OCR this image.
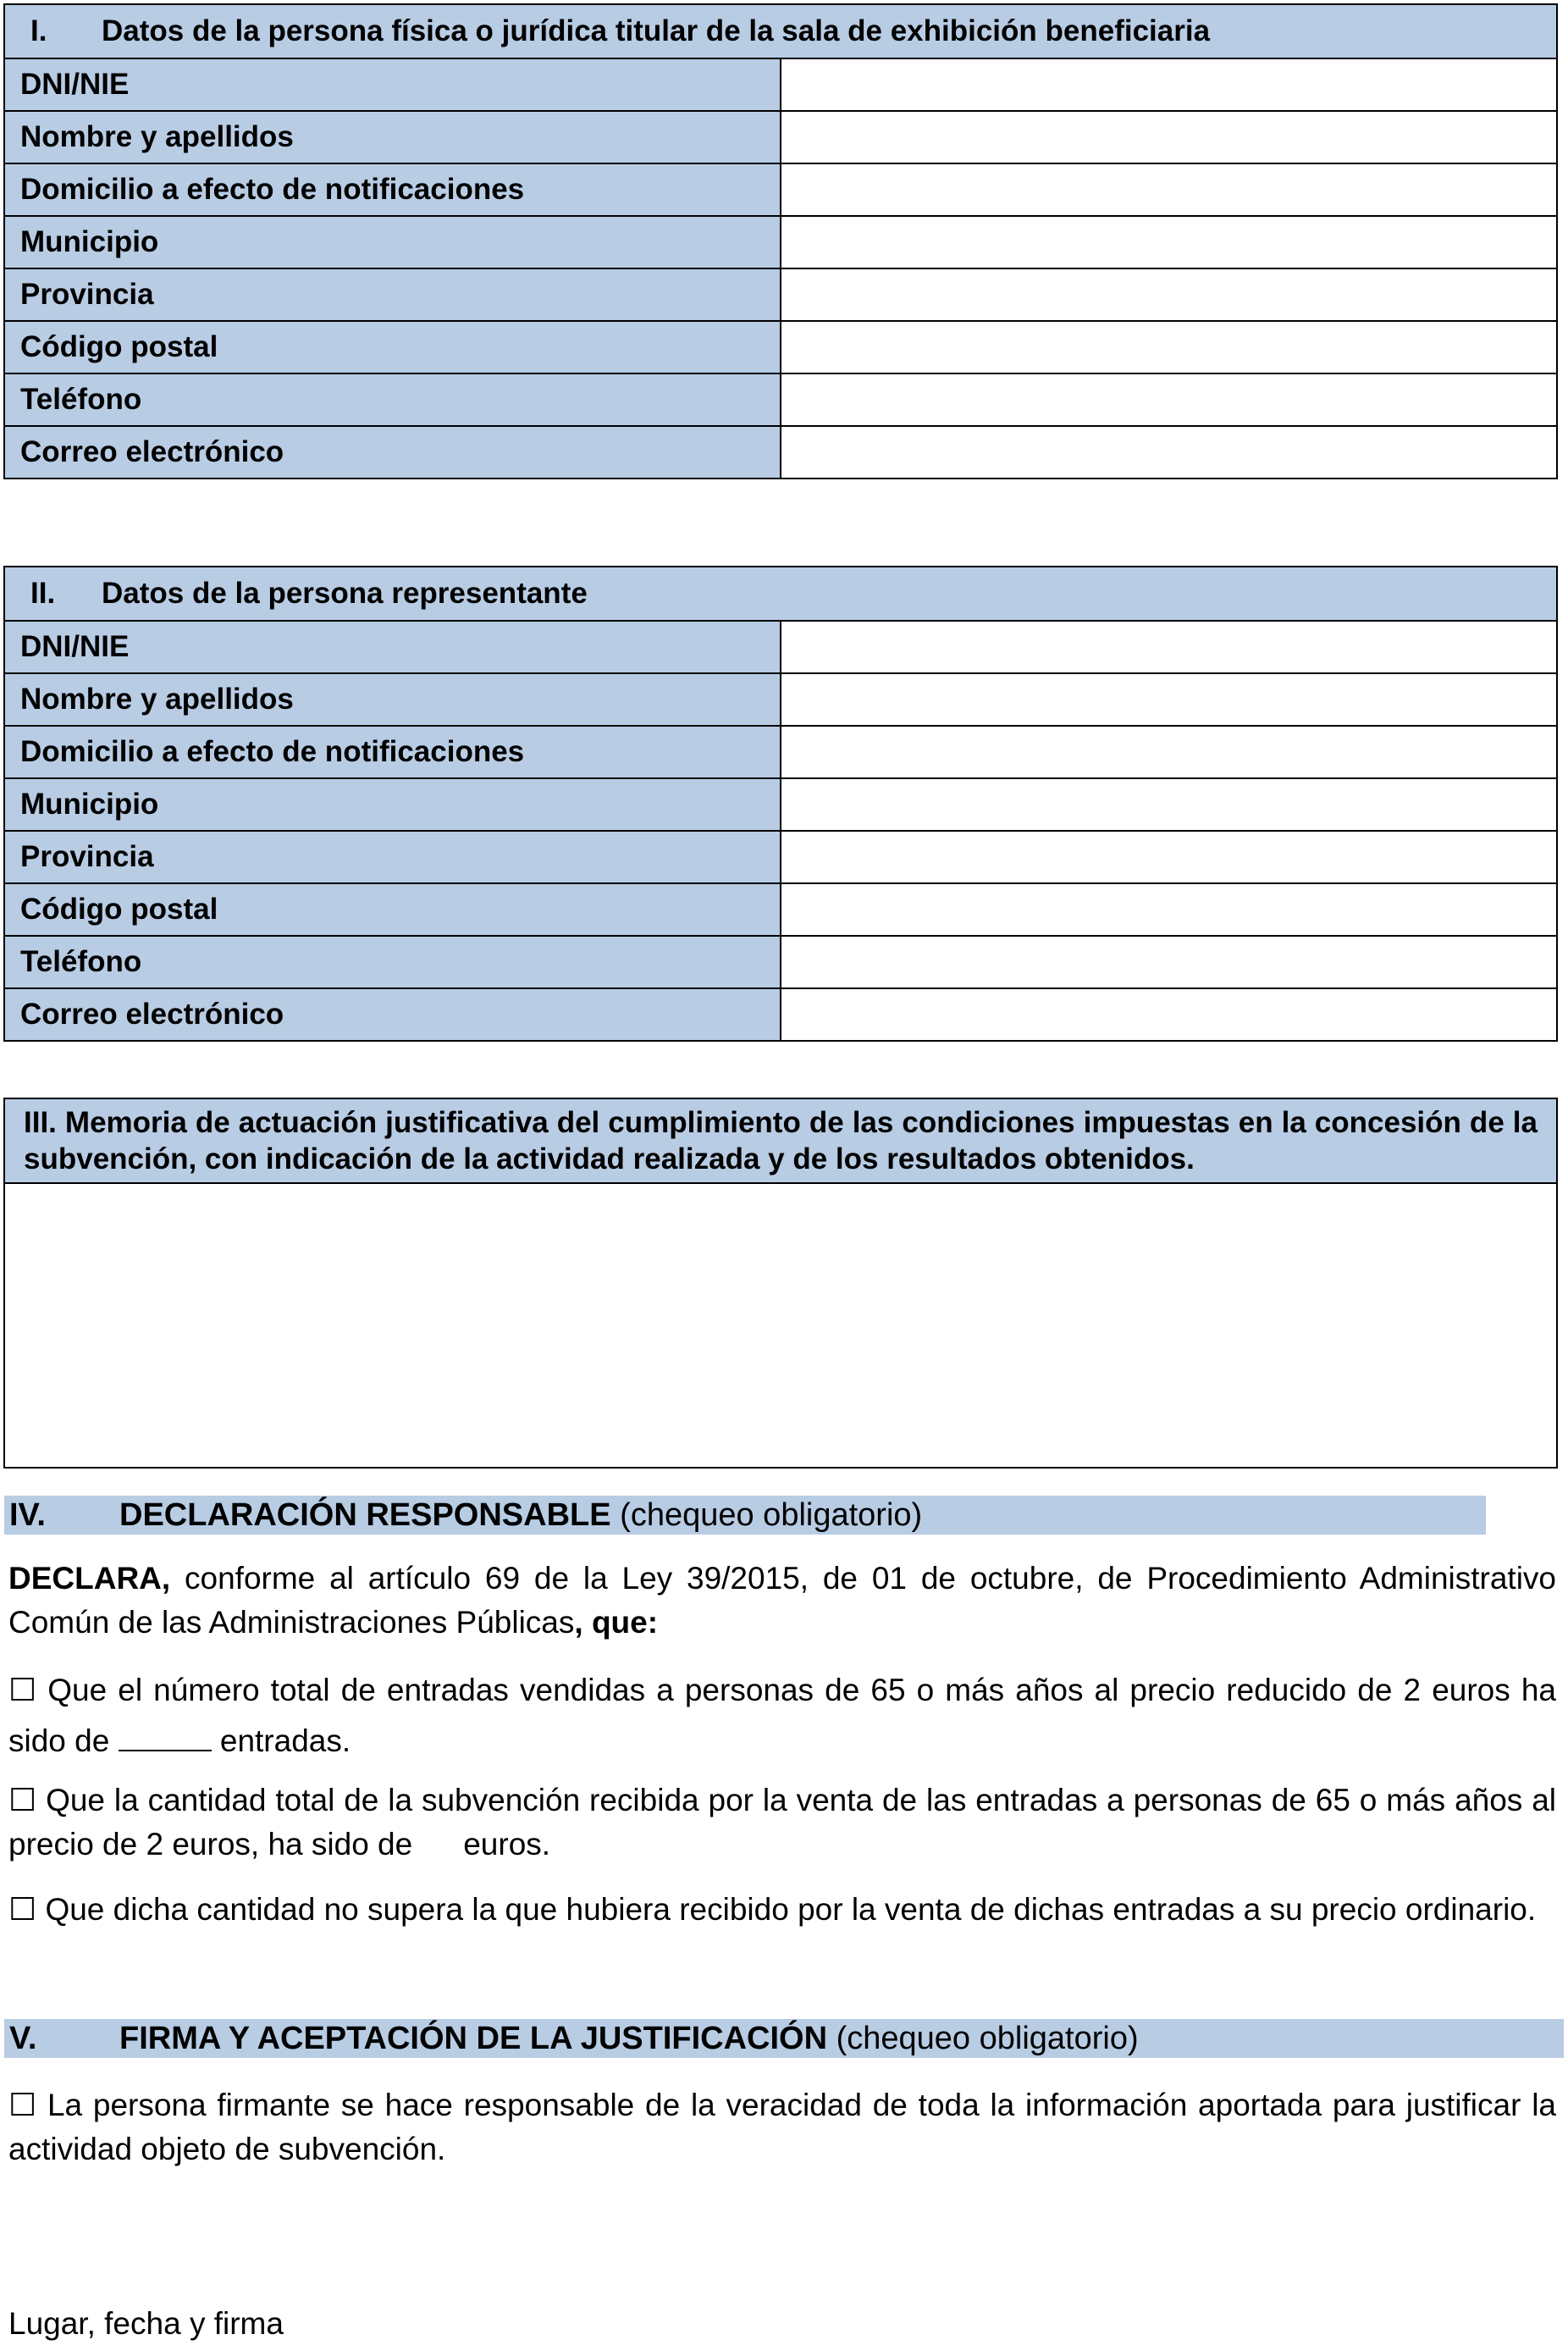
I. Datos de la persona física o jurídica titular de la sala de exhibición beneficiaria	
DNI/NIE	
Nombre y apellidos	
Domicilio a efecto de notificaciones	
Municipio	
Provincia	
Código postal	
Teléfono	
Correo electrónico	
II. Datos de la persona representante	
DNI/NIE	
Nombre y apellidos	
Domicilio a efecto de notificaciones	
Municipio	
Provincia	
Código postal	
Teléfono	
Correo electrónico	
III. Memoria de actuación justificativa del cumplimiento de las condiciones impuestas en la concesión de la subvención, con indicación de la actividad realizada y de los resultados obtenidos.

IV. DECLARACIÓN RESPONSABLE (chequeo obligatorio)
DECLARA, conforme al artículo 69 de la Ley 39/2015, de 01 de octubre, de Procedimiento Administrativo Común de las Administraciones Públicas, que:
☐ Que el número total de entradas vendidas a personas de 65 o más años al precio reducido de 2 euros ha sido de	entradas.
☐ Que la cantidad total de la subvención recibida por la venta de las entradas a personas de 65 o más años al precio de 2 euros, ha sido de euros.
☐ Que dicha cantidad no supera la que hubiera recibido por la venta de dichas entradas a su precio ordinario.
V.	FIRMA Y ACEPTACIÓN DE LA JUSTIFICACIÓN (chequeo obligatorio)
☐ La persona firmante se hace responsable de la veracidad de toda la información aportada para justificar la actividad objeto de subvención.
Lugar, fecha y firma
